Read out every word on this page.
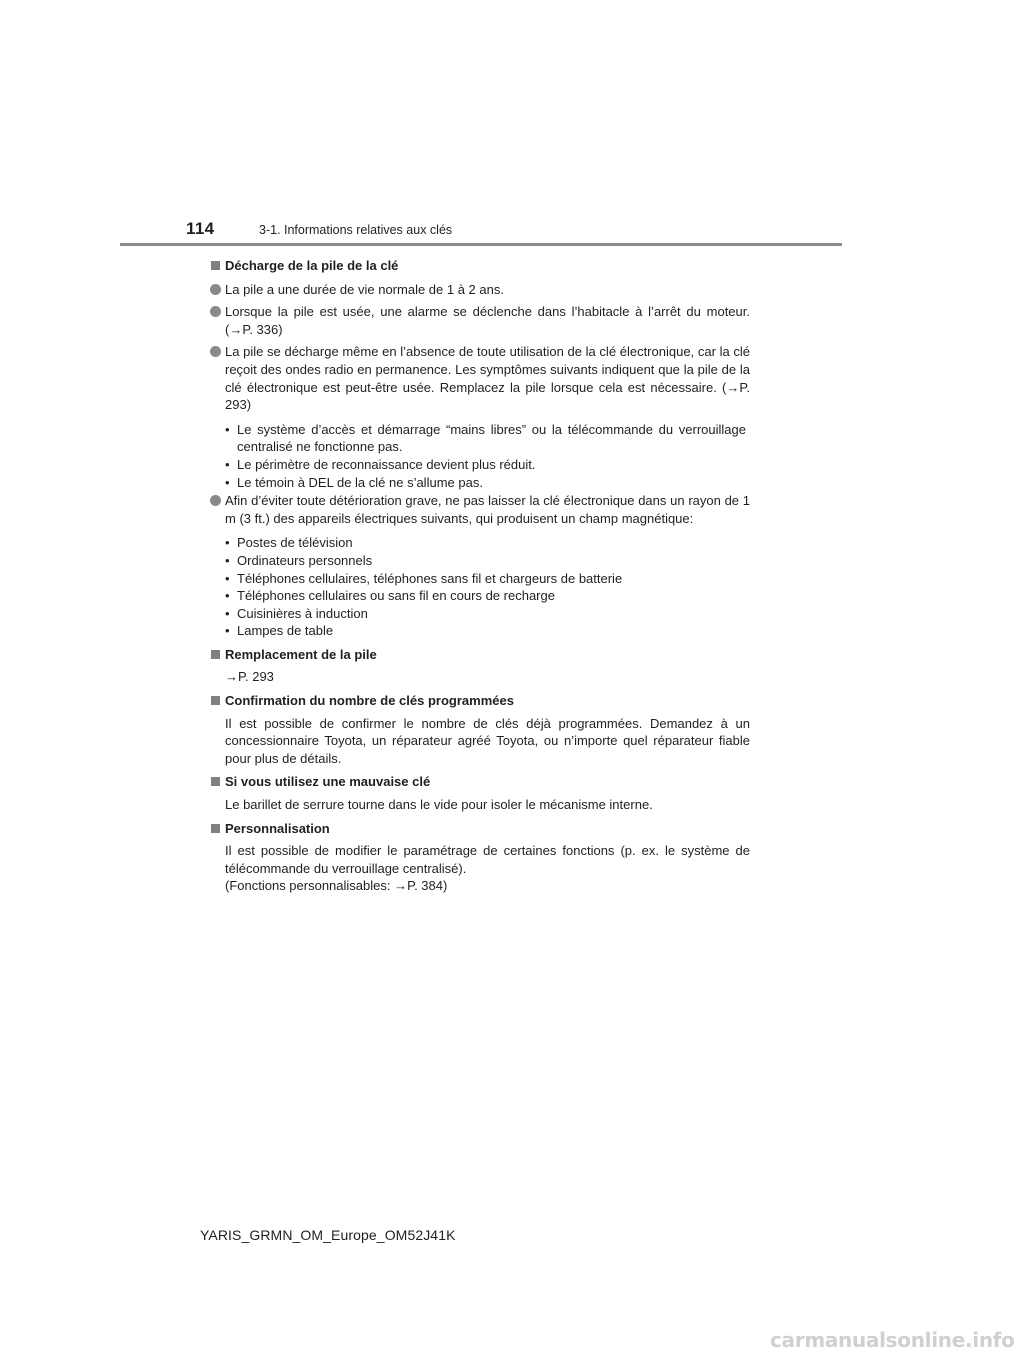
114	3-1. Informations relatives aux clés
Décharge de la pile de la clé
La pile a une durée de vie normale de 1 à 2 ans.
Lorsque la pile est usée, une alarme se déclenche dans l’habitacle à l’arrêt du moteur. (→P. 336)
La pile se décharge même en l’absence de toute utilisation de la clé électronique, car la clé reçoit des ondes radio en permanence. Les symptômes suivants indiquent que la pile de la clé électronique est peut-être usée. Remplacez la pile lorsque cela est nécessaire. (→P. 293)
• Le système d’accès et démarrage “mains libres” ou la télécommande du verrouillage centralisé ne fonctionne pas.
• Le périmètre de reconnaissance devient plus réduit.
• Le témoin à DEL de la clé ne s’allume pas.
Afin d’éviter toute détérioration grave, ne pas laisser la clé électronique dans un rayon de 1 m (3 ft.) des appareils électriques suivants, qui produisent un champ magnétique:
• Postes de télévision
• Ordinateurs personnels
• Téléphones cellulaires, téléphones sans fil et chargeurs de batterie
• Téléphones cellulaires ou sans fil en cours de recharge
• Cuisinières à induction
• Lampes de table
Remplacement de la pile
→P. 293
Confirmation du nombre de clés programmées
Il est possible de confirmer le nombre de clés déjà programmées. Demandez à un concessionnaire Toyota, un réparateur agréé Toyota, ou n’importe quel réparateur fiable pour plus de détails.
Si vous utilisez une mauvaise clé
Le barillet de serrure tourne dans le vide pour isoler le mécanisme interne.
Personnalisation
Il est possible de modifier le paramétrage de certaines fonctions (p. ex. le système de télécommande du verrouillage centralisé).
(Fonctions personnalisables: →P. 384)
YARIS_GRMN_OM_Europe_OM52J41K
carmanualsonline.info
